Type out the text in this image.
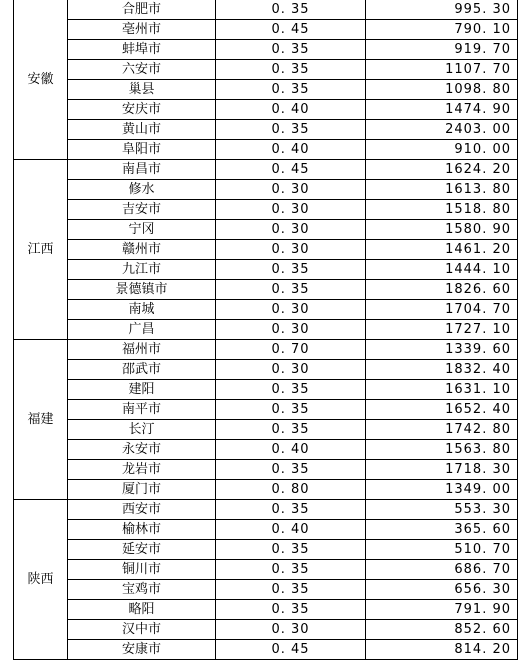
安徽	合肥市	0. 35	995. 30
	亳州市	0. 45	790. 10
	蚌埠市	0. 35	919. 70
	六安市	0. 35	1107. 70
	巢县	0. 35	1098. 80
	安庆市	0. 40	1474. 90
	黄山市	0. 35	2403. 00
	阜阳市	0. 40	910. 00
江西	南昌市	0. 45	1624. 20
	修水	0. 30	1613. 80
	吉安市	0. 30	1518. 80
	宁冈	0. 30	1580. 90
	赣州市	0. 30	1461. 20
	九江市	0. 35	1444. 10
	景德镇市	0. 35	1826. 60
	南城	0. 30	1704. 70
	广昌	0. 30	1727. 10
福建	福州市	0. 70	1339. 60
	邵武市	0. 30	1832. 40
	建阳	0. 35	1631. 10
	南平市	0. 35	1652. 40
	长汀	0. 35	1742. 80
	永安市	0. 40	1563. 80
	龙岩市	0. 35	1718. 30
	厦门市	0. 80	1349. 00
陕西	西安市	0. 35	553. 30
	榆林市	0. 40	365. 60
	延安市	0. 35	510. 70
	铜川市	0. 35	686. 70
	宝鸡市	0. 35	656. 30
	略阳	0. 35	791. 90
	汉中市	0. 30	852. 60
	安康市	0. 45	814. 20
